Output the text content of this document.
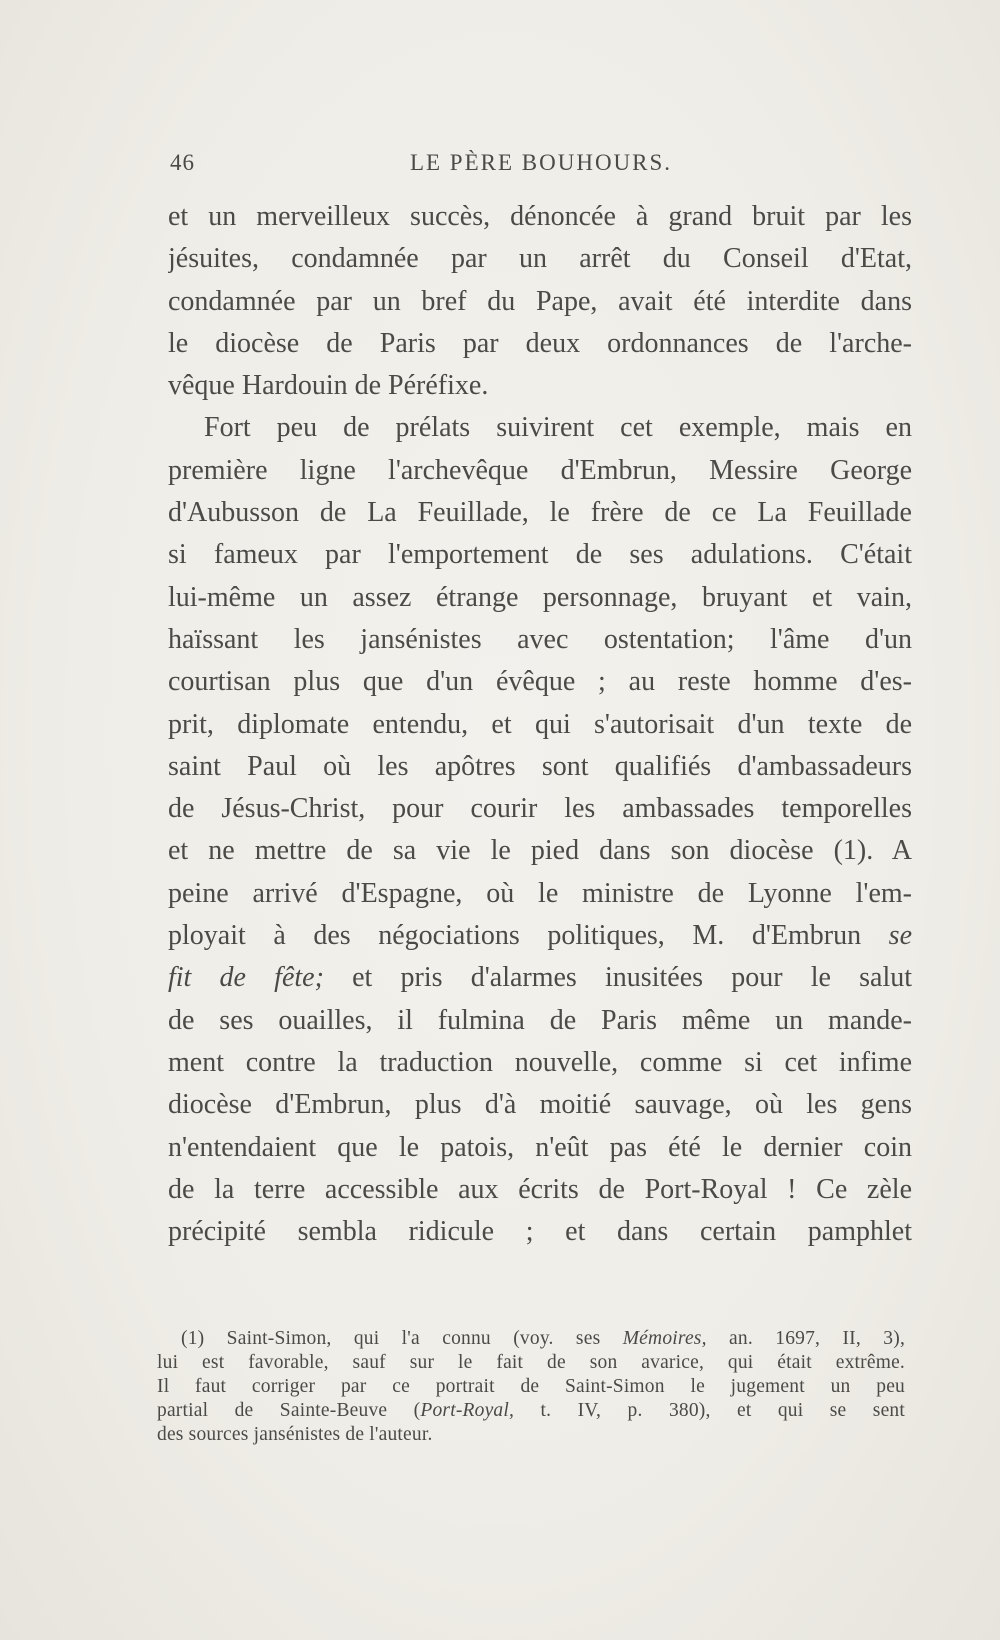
46	LE PÈRE BOUHOURS.
et un merveilleux succès, dénoncée à grand bruit par les
jésuites, condamnée par un arrêt du Conseil d'Etat,
condamnée par un bref du Pape, avait été interdite dans
le diocèse de Paris par deux ordonnances de l'arche-
vêque Hardouin de Péréfixe.
Fort peu de prélats suivirent cet exemple, mais en
première ligne l'archevêque d'Embrun, Messire George
d'Aubusson de La Feuillade, le frère de ce La Feuillade
si fameux par l'emportement de ses adulations. C'était
lui-même un assez étrange personnage, bruyant et vain,
haïssant les jansénistes avec ostentation; l'âme d'un
courtisan plus que d'un évêque ; au reste homme d'es-
prit, diplomate entendu, et qui s'autorisait d'un texte de
saint Paul où les apôtres sont qualifiés d'ambassadeurs
de Jésus-Christ, pour courir les ambassades temporelles
et ne mettre de sa vie le pied dans son diocèse (1). A
peine arrivé d'Espagne, où le ministre de Lyonne l'em-
ployait à des négociations politiques, M. d'Embrun se
fit de fête; et pris d'alarmes inusitées pour le salut
de ses ouailles, il fulmina de Paris même un mande-
ment contre la traduction nouvelle, comme si cet infime
diocèse d'Embrun, plus d'à moitié sauvage, où les gens
n'entendaient que le patois, n'eût pas été le dernier coin
de la terre accessible aux écrits de Port-Royal ! Ce zèle
précipité sembla ridicule ; et dans certain pamphlet
(1) Saint-Simon, qui l'a connu (voy. ses Mémoires, an. 1697, II, 3),
lui est favorable, sauf sur le fait de son avarice, qui était extrême.
Il faut corriger par ce portrait de Saint-Simon le jugement un peu
partial de Sainte-Beuve (Port-Royal, t. IV, p. 380), et qui se sent
des sources jansénistes de l'auteur.
